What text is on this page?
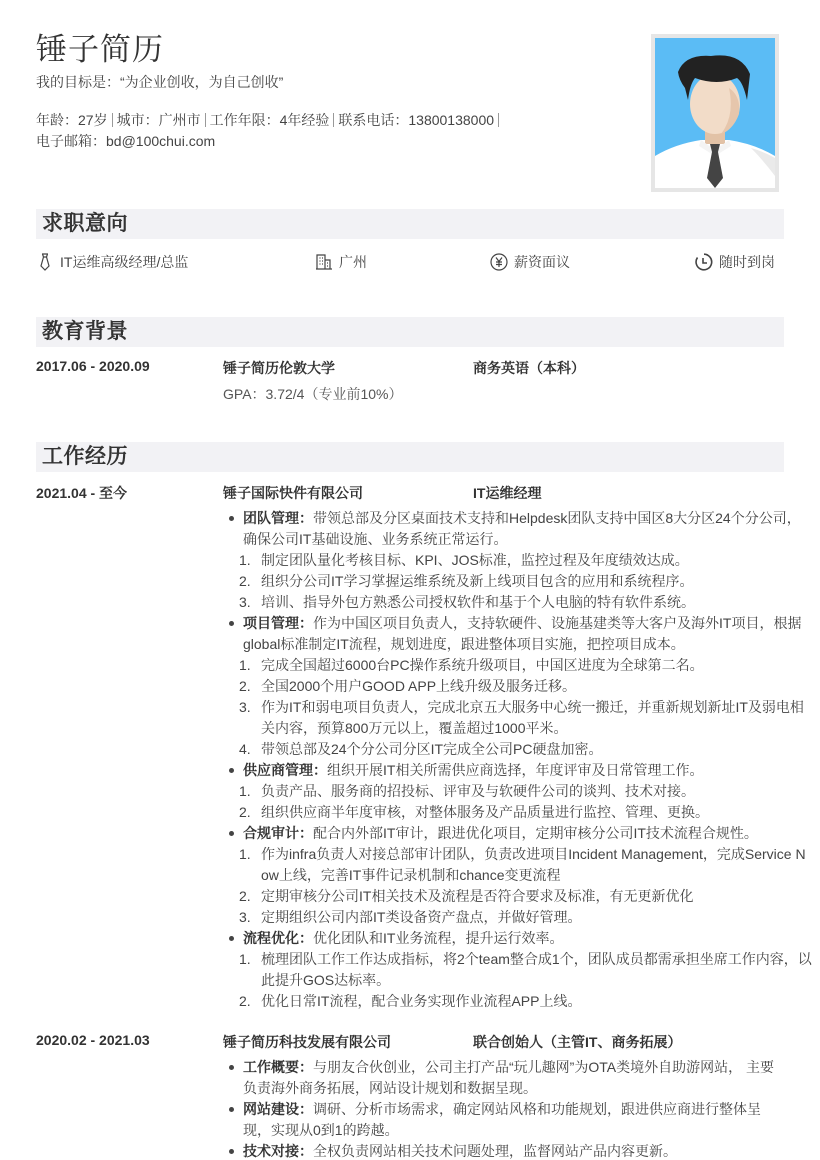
锤子简历
我的目标是：“为企业创收，为自己创收”
年龄：27岁 城市：广州市 工作年限：4年经验 联系电话：13800138000
电子邮箱：bd@100chui.com
求职意向
IT运维高级经理/总监	广州	薪资面议	随时到岗
教育背景
2017.06 - 2020.09	锤子简历伦敦大学	商务英语（本科）
GPA：3.72/4（专业前10%）
工作经历
2021.04 - 至今	锤子国际快件有限公司	IT运维经理
团队管理：带领总部及分区桌面技术支持和Helpdesk团队支持中国区8大分区24个分公司，确保公司IT基础设施、业务系统正常运行。
1. 制定团队量化考核目标、KPI、JOS标准，监控过程及年度绩效达成。
2. 组织分公司IT学习掌握运维系统及新上线项目包含的应用和系统程序。
3. 培训、指导外包方熟悉公司授权软件和基于个人电脑的特有软件系统。
项目管理：作为中国区项目负责人，支持软硬件、设施基建类等大客户及海外IT项目，根据global标准制定IT流程，规划进度，跟进整体项目实施，把控项目成本。
1. 完成全国超过6000台PC操作系统升级项目，中国区进度为全球第二名。
2. 全国2000个用户GOOD APP上线升级及服务迁移。
3. 作为IT和弱电项目负责人，完成北京五大服务中心统一搬迁，并重新规划新址IT及弱电相关内容，预算800万元以上，覆盖超过1000平米。
4. 带领总部及24个分公司分区IT完成全公司PC硬盘加密。
供应商管理：组织开展IT相关所需供应商选择，年度评审及日常管理工作。
1. 负责产品、服务商的招投标、评审及与软硬件公司的谈判、技术对接。
2. 组织供应商半年度审核，对整体服务及产品质量进行监控、管理、更换。
合规审计：配合内外部IT审计，跟进优化项目，定期审核分公司IT技术流程合规性。
1. 作为infra负责人对接总部审计团队，负责改进项目Incident Management，完成Service Now上线，完善IT事件记录机制和chance变更流程
2. 定期审核分公司IT相关技术及流程是否符合要求及标准，有无更新优化
3. 定期组织公司内部IT类设备资产盘点，并做好管理。
流程优化：优化团队和IT业务流程，提升运行效率。
1. 梳理团队工作工作达成指标，将2个team整合成1个，团队成员都需承担坐席工作内容，以此提升GOS达标率。
2. 优化日常IT流程，配合业务实现作业流程APP上线。
2020.02 - 2021.03	锤子简历科技发展有限公司	联合创始人（主管IT、商务拓展）
工作概要：与朋友合伙创业，公司主打产品“玩儿趣网”为OTA类境外自助游网站， 主要负责海外商务拓展，网站设计规划和数据呈现。
网站建设：调研、分析市场需求，确定网站风格和功能规划，跟进供应商进行整体呈 现，实现从0到1的跨越。
技术对接：全权负责网站相关技术问题处理，监督网站产品内容更新。
